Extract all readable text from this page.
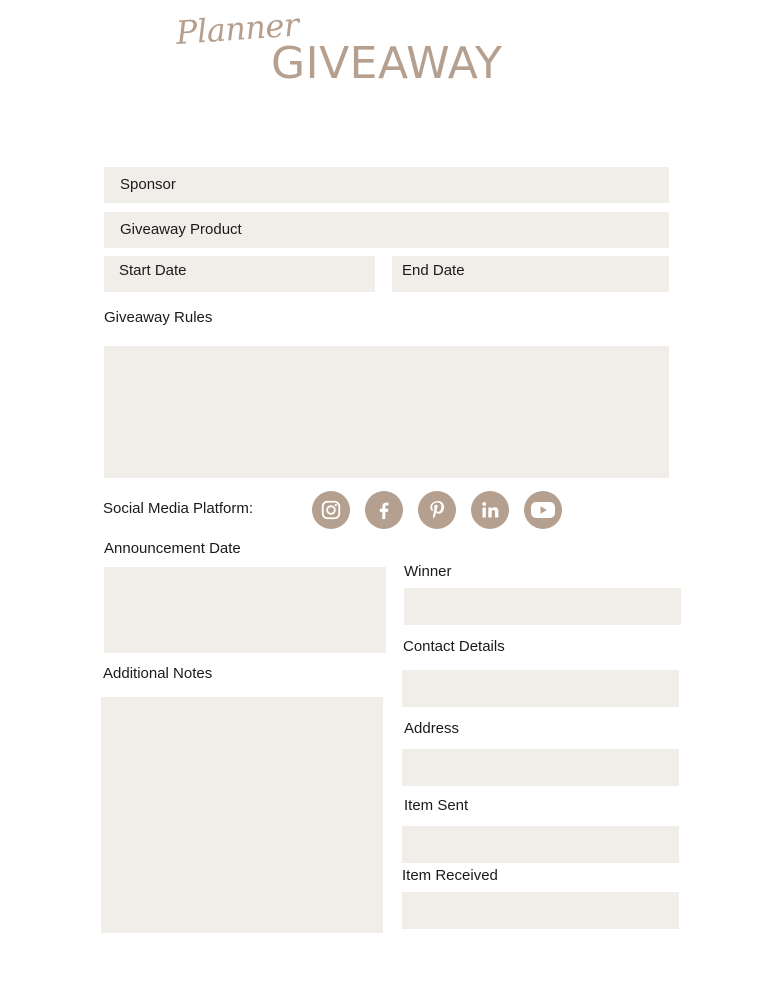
Planner
GIVEAWAY
Sponsor
Giveaway Product
Start Date	End Date
Giveaway Rules
Social Media Platform:
Announcement Date
Winner
Contact Details
Additional Notes
Address
Item Sent
Item Received
